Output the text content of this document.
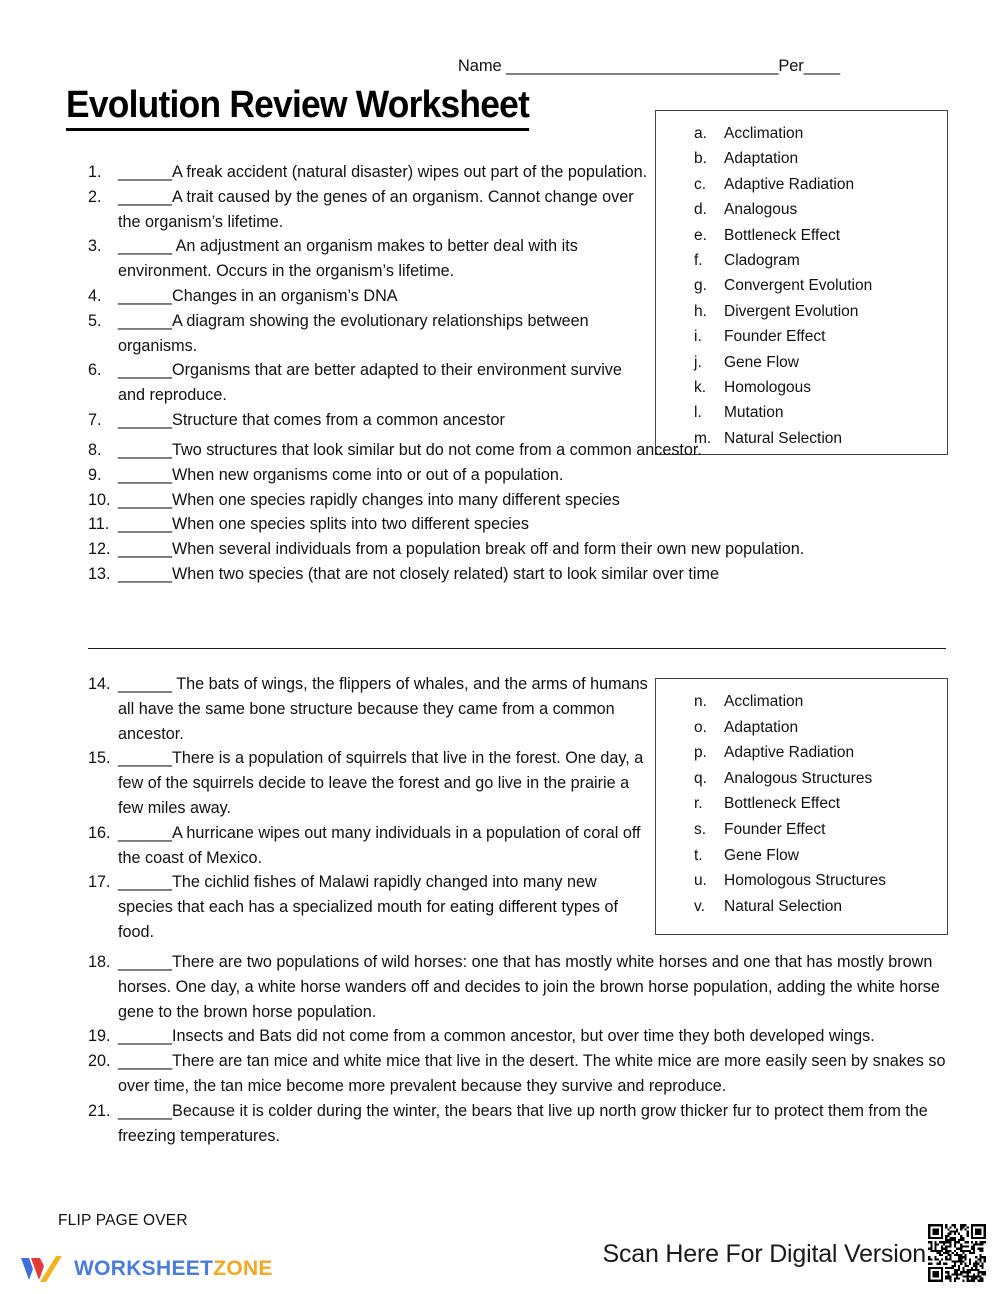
Name ______________________________Per____
Evolution Review Worksheet
a.	Acclimation
b.	Adaptation
c.	Adaptive Radiation
d.	Analogous
e.	Bottleneck Effect
f.	Cladogram
g.	Convergent Evolution
h.	Divergent Evolution
i.	Founder Effect
j.	Gene Flow
k.	Homologous
l.	Mutation
m. Natural Selection
n.	Acclimation
o.	Adaptation
p.	Adaptive Radiation
q.	Analogous Structures
r.	Bottleneck Effect
s.	Founder Effect
t.	Gene Flow
u.	Homologous Structures
v.	Natural Selection
1.	______A freak accident (natural disaster) wipes out part of the population.
2.	______A trait caused by the genes of an organism. Cannot change over the organism’s lifetime.
3.	______ An adjustment an organism makes to better deal with its environment. Occurs in the organism’s lifetime.
4.	______Changes in an organism’s DNA
5.	______A diagram showing the evolutionary relationships between organisms.
6.	______Organisms that are better adapted to their environment survive and reproduce.
7.	______Structure that comes from a common ancestor
8.	______Two structures that look similar but do not come from a common ancestor.
9.	______When new organisms come into or out of a population.
10. ______When one species rapidly changes into many different species
11. ______When one species splits into two different species
12. ______When several individuals from a population break off and form their own new population.
13. ______When two species (that are not closely related) start to look similar over time
14. ______ The bats of wings, the flippers of whales, and the arms of humans all have the same bone structure because they came from a common ancestor.
15. ______There is a population of squirrels that live in the forest. One day, a few of the squirrels decide to leave the forest and go live in the prairie a few miles away.
16. ______A hurricane wipes out many individuals in a population of coral off the coast of Mexico.
17. ______The cichlid fishes of Malawi rapidly changed into many new species that each has a specialized mouth for eating different types of food.
18. ______There are two populations of wild horses: one that has mostly white horses and one that has mostly brown horses. One day, a white horse wanders off and decides to join the brown horse population, adding the white horse gene to the brown horse population.
19. ______Insects and Bats did not come from a common ancestor, but over time they both developed wings.
20. ______There are tan mice and white mice that live in the desert. The white mice are more easily seen by snakes so over time, the tan mice become more prevalent because they survive and reproduce.
21. ______Because it is colder during the winter, the bears that live up north grow thicker fur to protect them from the freezing temperatures.
FLIP PAGE OVER
WORKSHEET ZONE
Scan Here For Digital Version
